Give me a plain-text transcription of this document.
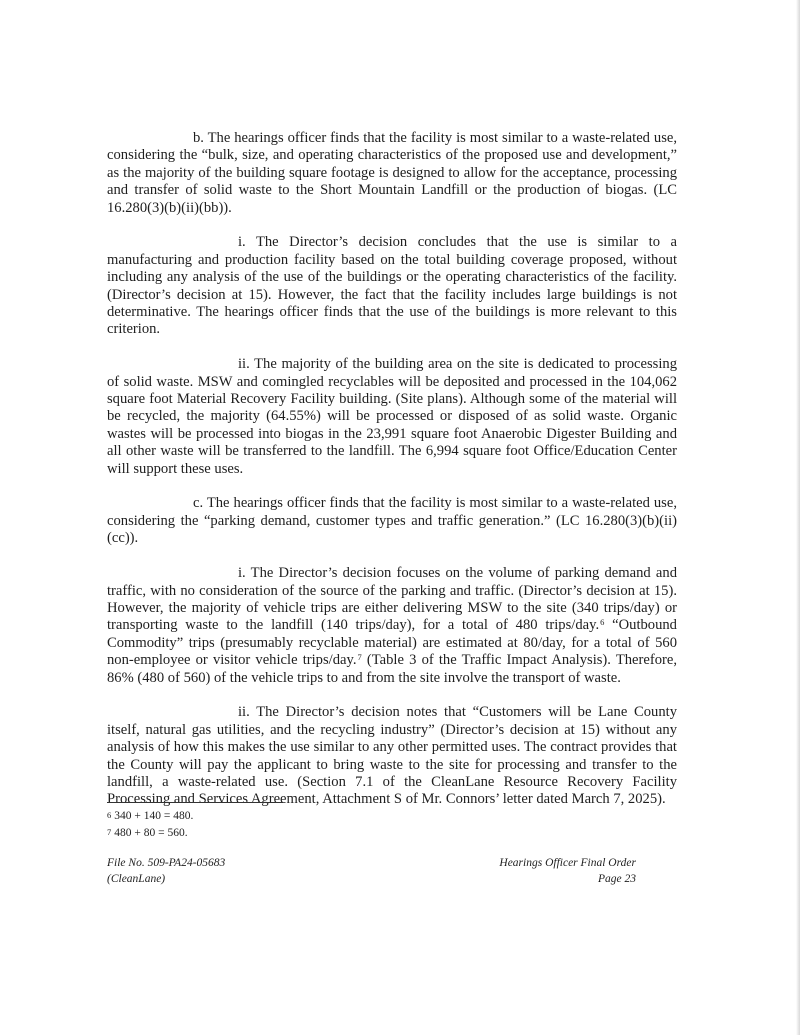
b. The hearings officer finds that the facility is most similar to a waste-related use, considering the “bulk, size, and operating characteristics of the proposed use and development,” as the majority of the building square footage is designed to allow for the acceptance, processing and transfer of solid waste to the Short Mountain Landfill or the production of biogas. (LC 16.280(3)(b)(ii)(bb)).

i. The Director’s decision concludes that the use is similar to a manufacturing and production facility based on the total building coverage proposed, without including any analysis of the use of the buildings or the operating characteristics of the facility. (Director’s decision at 15). However, the fact that the facility includes large buildings is not determinative. The hearings officer finds that the use of the buildings is more relevant to this criterion.

ii. The majority of the building area on the site is dedicated to processing of solid waste. MSW and comingled recyclables will be deposited and processed in the 104,062 square foot Material Recovery Facility building. (Site plans). Although some of the material will be recycled, the majority (64.55%) will be processed or disposed of as solid waste. Organic wastes will be processed into biogas in the 23,991 square foot Anaerobic Digester Building and all other waste will be transferred to the landfill. The 6,994 square foot Office/Education Center will support these uses.

c. The hearings officer finds that the facility is most similar to a waste-related use, considering the “parking demand, customer types and traffic generation.” (LC 16.280(3)(b)(ii)(cc)).

i. The Director’s decision focuses on the volume of parking demand and traffic, with no consideration of the source of the parking and traffic. (Director’s decision at 15). However, the majority of vehicle trips are either delivering MSW to the site (340 trips/day) or transporting waste to the landfill (140 trips/day), for a total of 480 trips/day.$^6$ “Outbound Commodity” trips (presumably recyclable material) are estimated at 80/day, for a total of 560 non-employee or visitor vehicle trips/day.$^7$ (Table 3 of the Traffic Impact Analysis). Therefore, 86% (480 of 560) of the vehicle trips to and from the site involve the transport of waste.

ii. The Director’s decision notes that “Customers will be Lane County itself, natural gas utilities, and the recycling industry” (Director’s decision at 15) without any analysis of how this makes the use similar to any other permitted uses. The contract provides that the County will pay the applicant to bring waste to the site for processing and transfer to the landfill, a waste-related use. (Section 7.1 of the CleanLane Resource Recovery Facility Processing and Services Agreement, Attachment S of Mr. Connors’ letter dated March 7, 2025).

6 340 + 140 = 480.
7 480 + 80 = 560.
File No. 509-PA24-05683
(CleanLane)
Hearings Officer Final Order
Page 23
